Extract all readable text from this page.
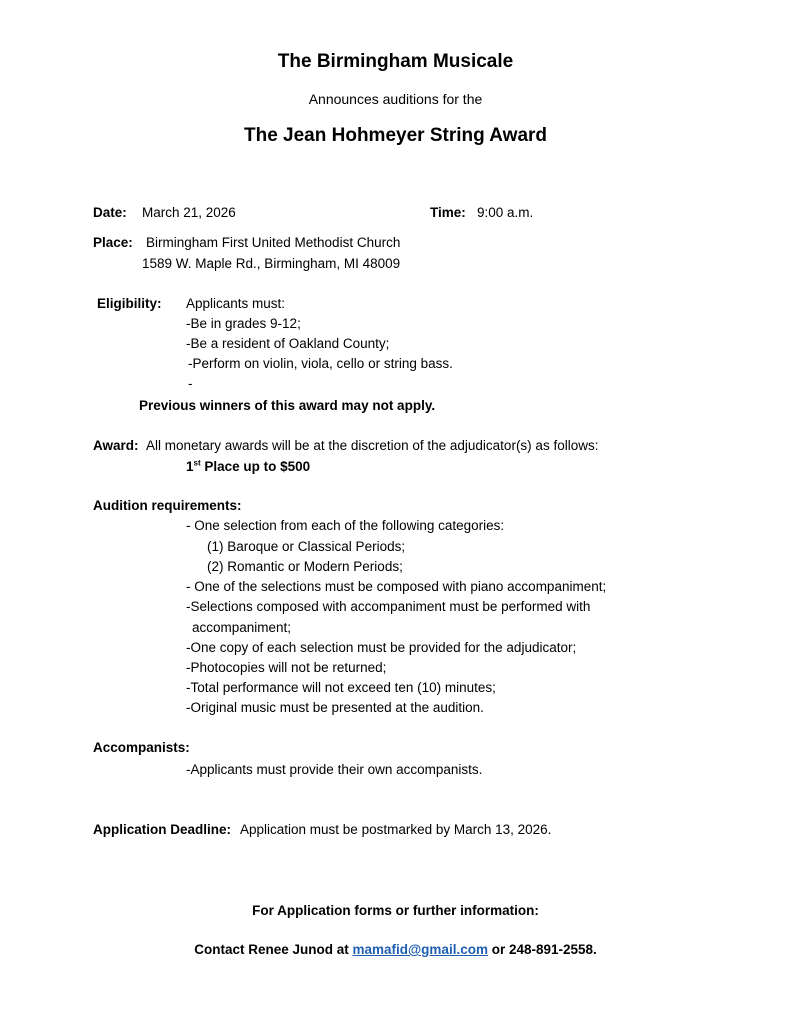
The Birmingham Musicale
Announces auditions for the
The Jean Hohmeyer String Award
Date: March 21, 2026	Time: 9:00 a.m.
Place: Birmingham First United Methodist Church
1589 W. Maple Rd., Birmingham, MI 48009
Eligibility: Applicants must:
-Be in grades 9-12;
-Be a resident of Oakland County;
-Perform on violin, viola, cello or string bass.
-
Previous winners of this award may not apply.
Award: All monetary awards will be at the discretion of the adjudicator(s) as follows:
1st Place up to $500
Audition requirements:
- One selection from each of the following categories:
(1) Baroque or Classical Periods;
(2) Romantic or Modern Periods;
- One of the selections must be composed with piano accompaniment;
-Selections composed with accompaniment must be performed with
accompaniment;
-One copy of each selection must be provided for the adjudicator;
-Photocopies will not be returned;
-Total performance will not exceed ten (10) minutes;
-Original music must be presented at the audition.
Accompanists:
-Applicants must provide their own accompanists.
Application Deadline: Application must be postmarked by March 13, 2026.
For Application forms or further information:
Contact Renee Junod at mamafid@gmail.com or 248-891-2558.
